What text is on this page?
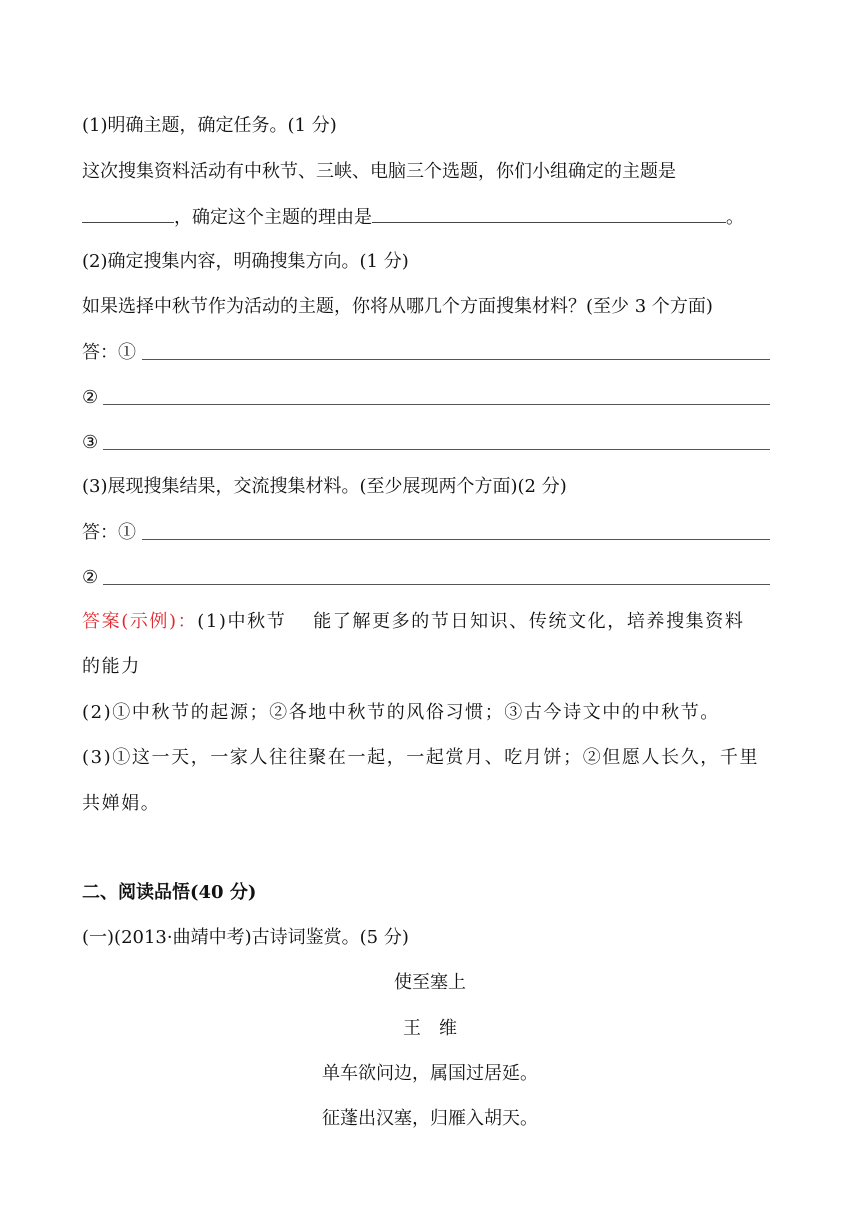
(1)明确主题，确定任务。(1 分)
这次搜集资料活动有中秋节、三峡、电脑三个选题，你们小组确定的主题是
，确定这个主题的理由是	。
(2)确定搜集内容，明确搜集方向。(1 分)
如果选择中秋节作为活动的主题，你将从哪几个方面搜集材料？(至少 3 个方面)
答：①
②
③
(3)展现搜集结果，交流搜集材料。(至少展现两个方面)(2 分)
答：①
②
答案(示例)：(1)中秋节　 能了解更多的节日知识、传统文化，培养搜集资料
的能力
(2)①中秋节的起源；②各地中秋节的风俗习惯；③古今诗文中的中秋节。
(3)①这一天，一家人往往聚在一起，一起赏月、吃月饼；②但愿人长久，千里
共婵娟。
二、阅读品悟(40 分)
(一)(2013·曲靖中考)古诗词鉴赏。(5 分)
使至塞上
王　维
单车欲问边，属国过居延。
征蓬出汉塞，归雁入胡天。
